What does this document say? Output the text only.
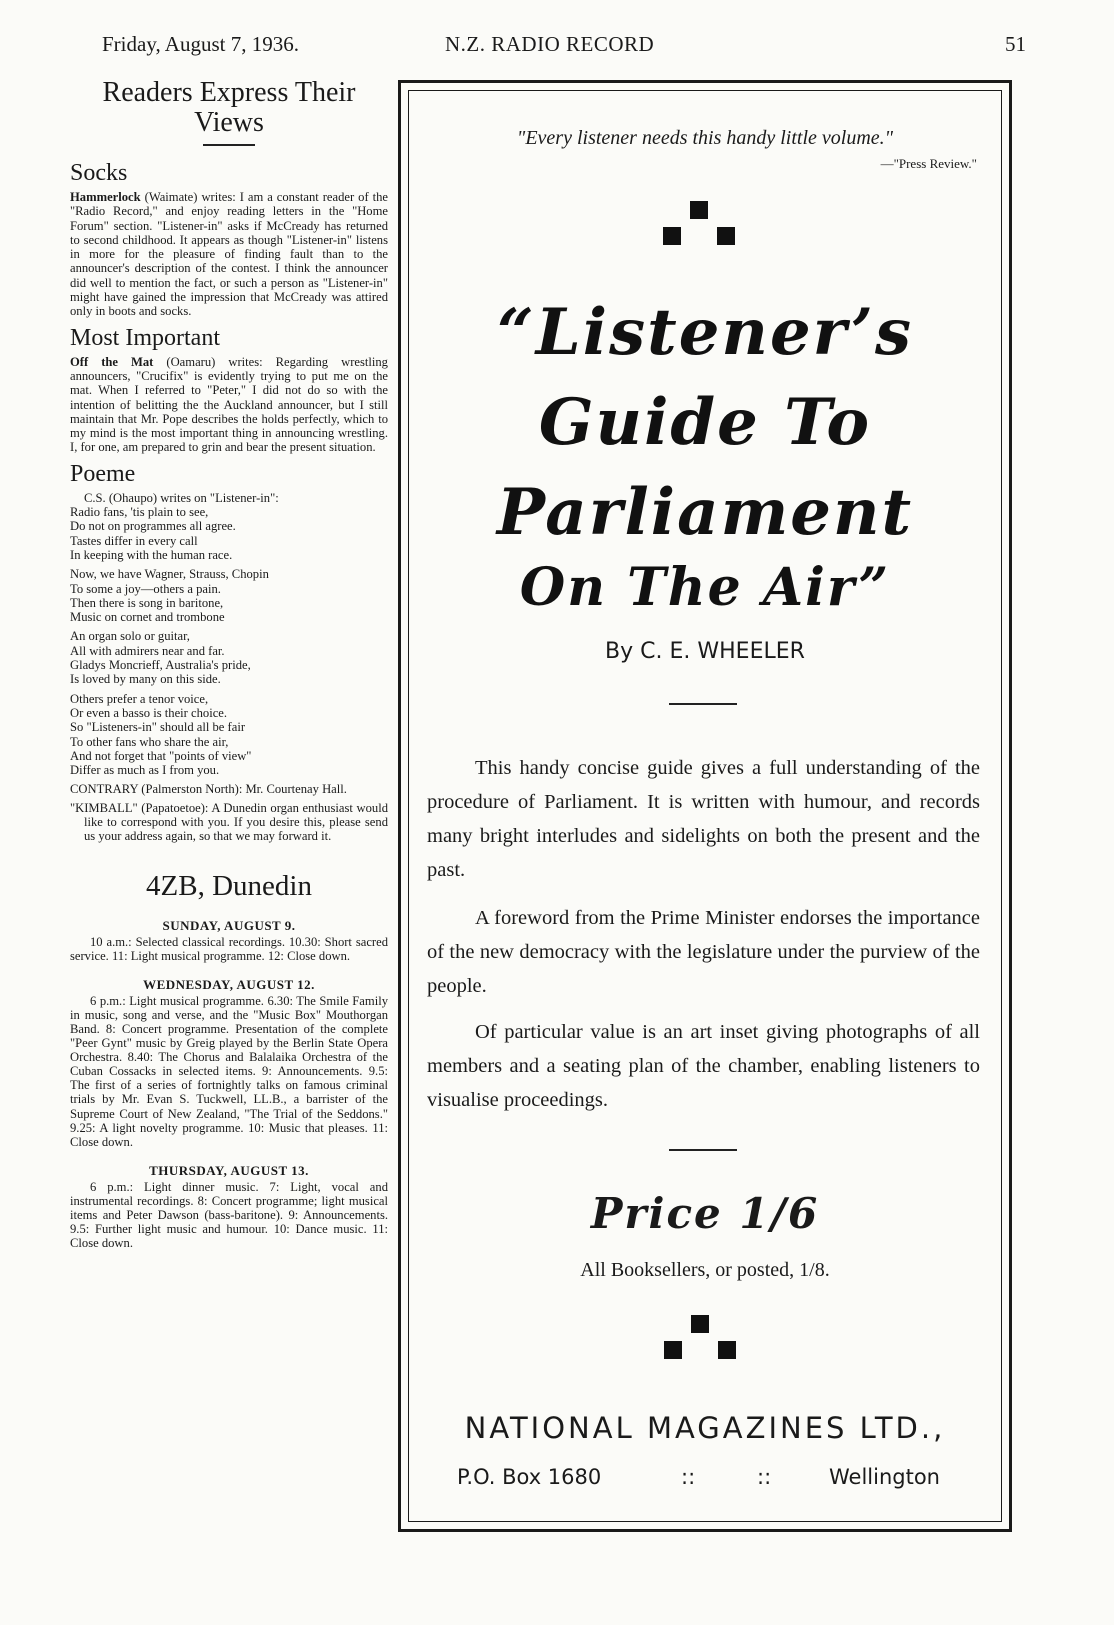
Friday, August 7, 1936.	N.Z. RADIO RECORD	51
Readers Express Their Views
Socks

Hammerlock (Waimate) writes: I am a constant reader of the "Radio Record," and enjoy reading letters in the "Home Forum" section. "Listener-in" asks if McCready has returned to second childhood. It appears as though "Listener-in" listens in more for the pleasure of finding fault than to the announcer's description of the contest. I think the announcer did well to mention the fact, or such a person as "Listener-in" might have gained the impression that McCready was attired only in boots and socks.

Most Important

Off the Mat (Oamaru) writes: Regarding wrestling announcers, "Crucifix" is evidently trying to put me on the mat. When I referred to "Peter," I did not do so with the intention of belitting the the Auckland announcer, but I still maintain that Mr. Pope describes the holds perfectly, which to my mind is the most important thing in announcing wrestling. I, for one, am prepared to grin and bear the present situation.

Poeme

C.S. (Ohaupo) writes on "Listener-in":

Radio fans, 'tis plain to see,
Do not on programmes all agree.
Tastes differ in every call
In keeping with the human race.
Now, we have Wagner, Strauss, Chopin
To some a joy—others a pain.
Then there is song in baritone,
Music on cornet and trombone
An organ solo or guitar,
All with admirers near and far.
Gladys Moncrieff, Australia's pride,
Is loved by many on this side.
Others prefer a tenor voice,
Or even a basso is their choice.
So "Listeners-in" should all be fair
To other fans who share the air,
And not forget that "points of view"
Differ as much as I from you.

CONTRARY (Palmerston North): Mr. Courtenay Hall.

"KIMBALL" (Papatoetoe): A Dunedin organ enthusiast would like to correspond with you. If you desire this, please send us your address again, so that we may forward it.

4ZB, Dunedin
SUNDAY, AUGUST 9.

10 a.m.: Selected classical recordings. 10.30: Short sacred service. 11: Light musical programme. 12: Close down.

WEDNESDAY, AUGUST 12.

6 p.m.: Light musical programme. 6.30: The Smile Family in music, song and verse, and the "Music Box" Mouthorgan Band. 8: Concert programme. Presentation of the complete "Peer Gynt" music by Greig played by the Berlin State Opera Orchestra. 8.40: The Chorus and Balalaika Orchestra of the Cuban Cossacks in selected items. 9: Announcements. 9.5: The first of a series of fortnightly talks on famous criminal trials by Mr. Evan S. Tuckwell, LL.B., a barrister of the Supreme Court of New Zealand, "The Trial of the Seddons." 9.25: A light novelty programme. 10: Music that pleases. 11: Close down.

THURSDAY, AUGUST 13.

6 p.m.: Light dinner music. 7: Light, vocal and instrumental recordings. 8: Concert programme; light musical items and Peter Dawson (bass-baritone). 9: Announcements. 9.5: Further light music and humour. 10: Dance music. 11: Close down.

"Every listener needs this handy little volume."
—"Press Review."
“Listener’s
Guide To
Parliament
On The Air”
By C. E. WHEELER

This handy concise guide gives a full understanding of the procedure of Parliament. It is written with humour, and records many bright interludes and sidelights on both the present and the past.

A foreword from the Prime Minister endorses the importance of the new democracy with the legislature under the purview of the people.

Of particular value is an art inset giving photographs of all members and a seating plan of the chamber, enabling listeners to visualise proceedings.

Price 1/6
All Booksellers, or posted, 1/8.
NATIONAL MAGAZINES LTD.,
P.O. Box 1680	::	::	Wellington
